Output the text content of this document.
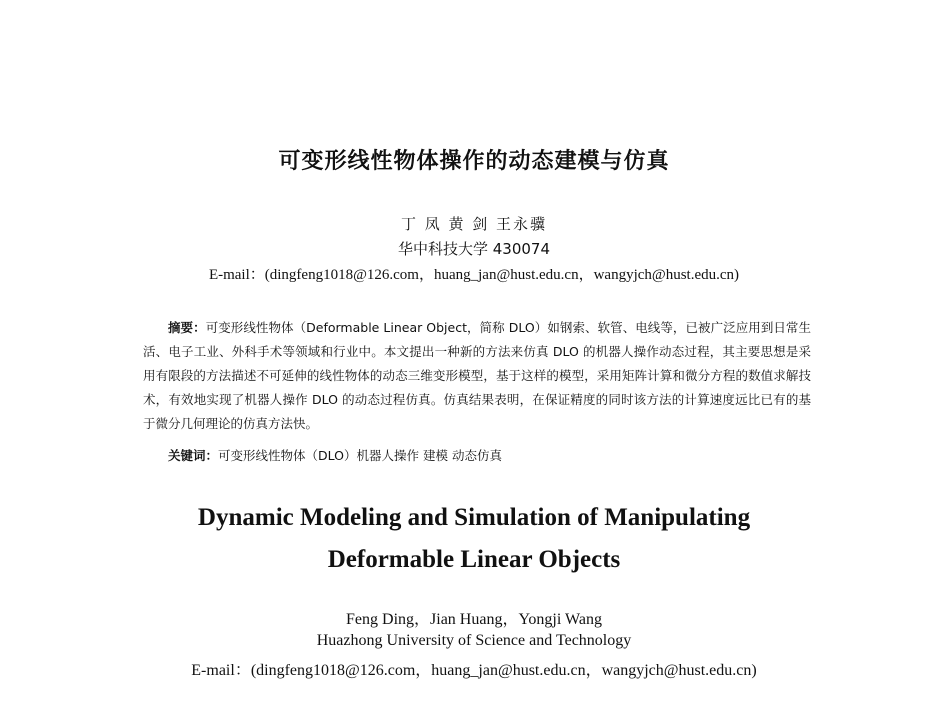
可变形线性物体操作的动态建模与仿真
丁 凤 黄 剑 王永骥
华中科技大学 430074
E-mail：(dingfeng1018@126.com，huang_jan@hust.edu.cn，wangyjch@hust.edu.cn)
摘要：可变形线性物体（Deformable Linear Object，简称 DLO）如钢索、软管、电线等，已被广泛应用到日常生活、电子工业、外科手术等领域和行业中。本文提出一种新的方法来仿真 DLO 的机器人操作动态过程，其主要思想是采用有限段的方法描述不可延伸的线性物体的动态三维变形模型，基于这样的模型，采用矩阵计算和微分方程的数值求解技术，有效地实现了机器人操作 DLO 的动态过程仿真。仿真结果表明，在保证精度的同时该方法的计算速度远比已有的基于微分几何理论的仿真方法快。
关键词：可变形线性物体（DLO）机器人操作 建模 动态仿真
Dynamic Modeling and Simulation of Manipulating
Deformable Linear Objects
Feng Ding，Jian Huang，Yongji Wang
Huazhong University of Science and Technology
E-mail：(dingfeng1018@126.com，huang_jan@hust.edu.cn，wangyjch@hust.edu.cn)
